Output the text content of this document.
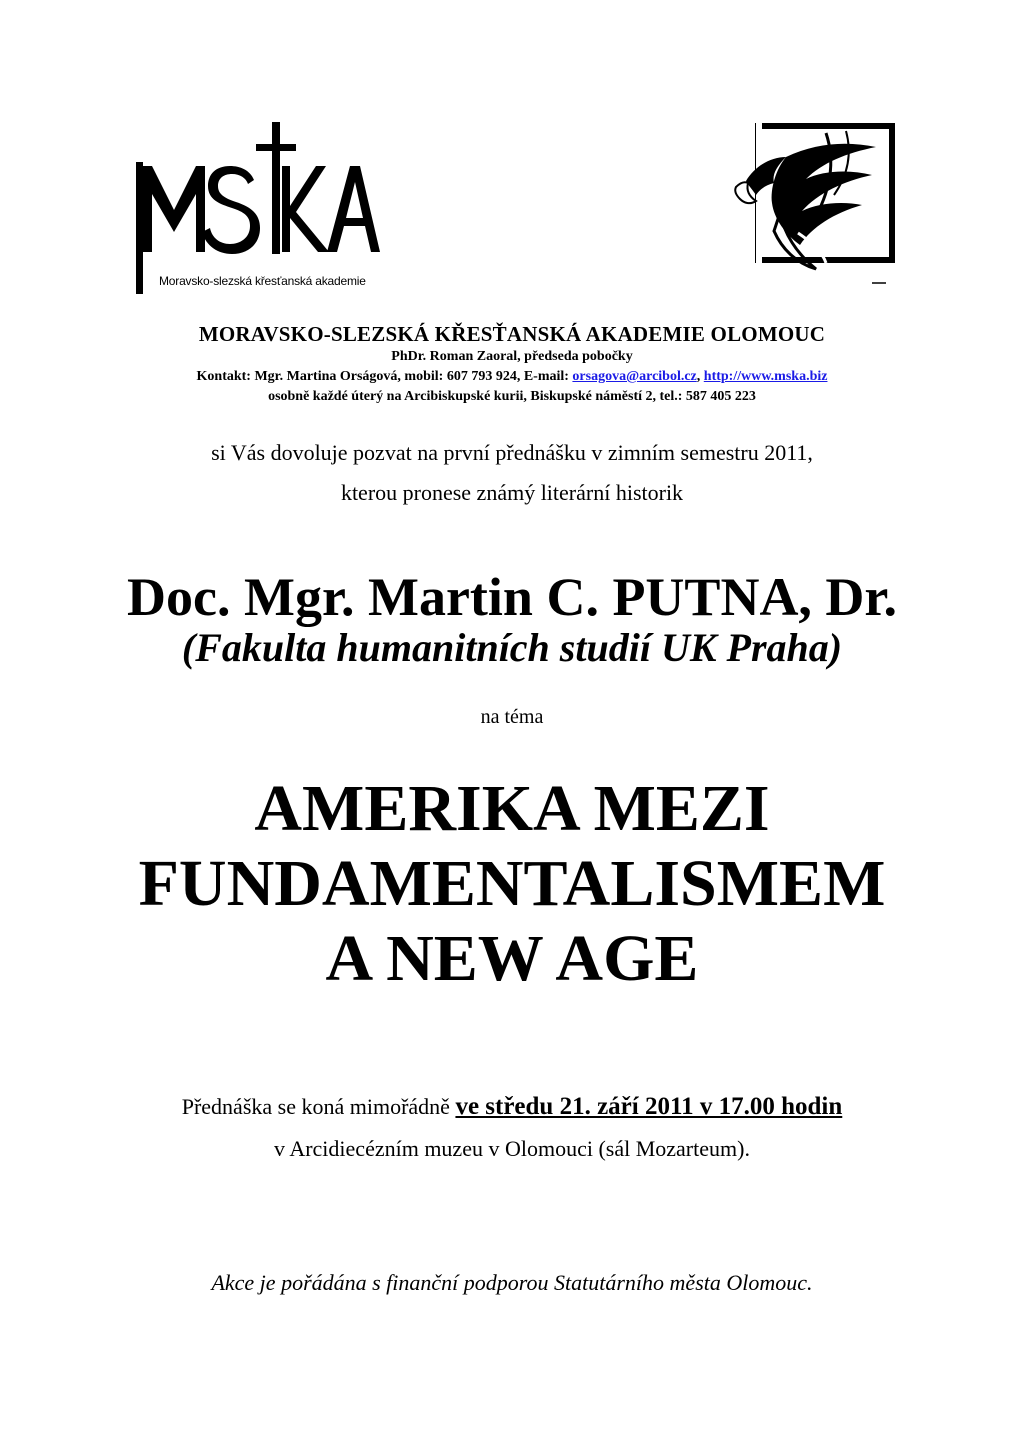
Moravsko-slezská křesťanská akademie
MORAVSKO-SLEZSKÁ KŘESŤANSKÁ AKADEMIE OLOMOUC
PhDr. Roman Zaoral, předseda pobočky
Kontakt: Mgr. Martina Orságová, mobil: 607 793 924, E-mail: orsagova@arcibol.cz, http://www.mska.biz
osobně každé úterý na Arcibiskupské kurii, Biskupské náměstí 2, tel.: 587 405 223
si Vás dovoluje pozvat na první přednášku v zimním semestru 2011,
kterou pronese známý literární historik
Doc. Mgr. Martin C. PUTNA, Dr.
(Fakulta humanitních studií UK Praha)
na téma
AMERIKA MEZI
FUNDAMENTALISMEM
A NEW AGE
Přednáška se koná mimořádně ve středu 21. září 2011 v 17.00 hodin
v Arcidiecézním muzeu v Olomouci (sál Mozarteum).
Akce je pořádána s finanční podporou Statutárního města Olomouc.
